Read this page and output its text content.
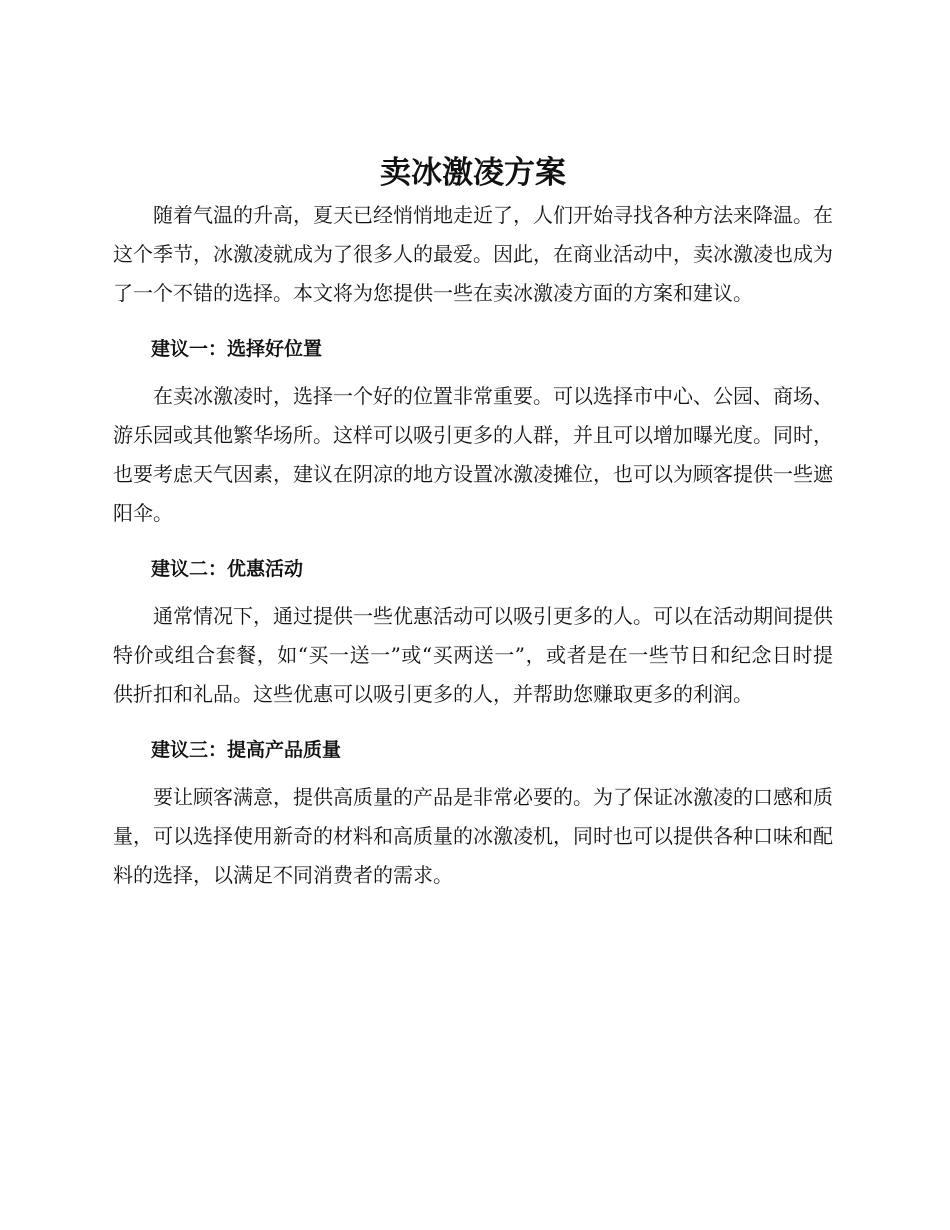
卖冰激凌方案

随着气温的升高，夏天已经悄悄地走近了，人们开始寻找各种方法来降温。在这个季节，冰激凌就成为了很多人的最爱。因此，在商业活动中，卖冰激凌也成为了一个不错的选择。本文将为您提供一些在卖冰激凌方面的方案和建议。

建议一：选择好位置

在卖冰激凌时，选择一个好的位置非常重要。可以选择市中心、公园、商场、游乐园或其他繁华场所。这样可以吸引更多的人群，并且可以增加曝光度。同时，也要考虑天气因素，建议在阴凉的地方设置冰激凌摊位，也可以为顾客提供一些遮阳伞。

建议二：优惠活动

通常情况下，通过提供一些优惠活动可以吸引更多的人。可以在活动期间提供特价或组合套餐，如“买一送一”或“买两送一”，或者是在一些节日和纪念日时提供折扣和礼品。这些优惠可以吸引更多的人，并帮助您赚取更多的利润。

建议三：提高产品质量

要让顾客满意，提供高质量的产品是非常必要的。为了保证冰激凌的口感和质量，可以选择使用新奇的材料和高质量的冰激凌机，同时也可以提供各种口味和配料的选择，以满足不同消费者的需求。
